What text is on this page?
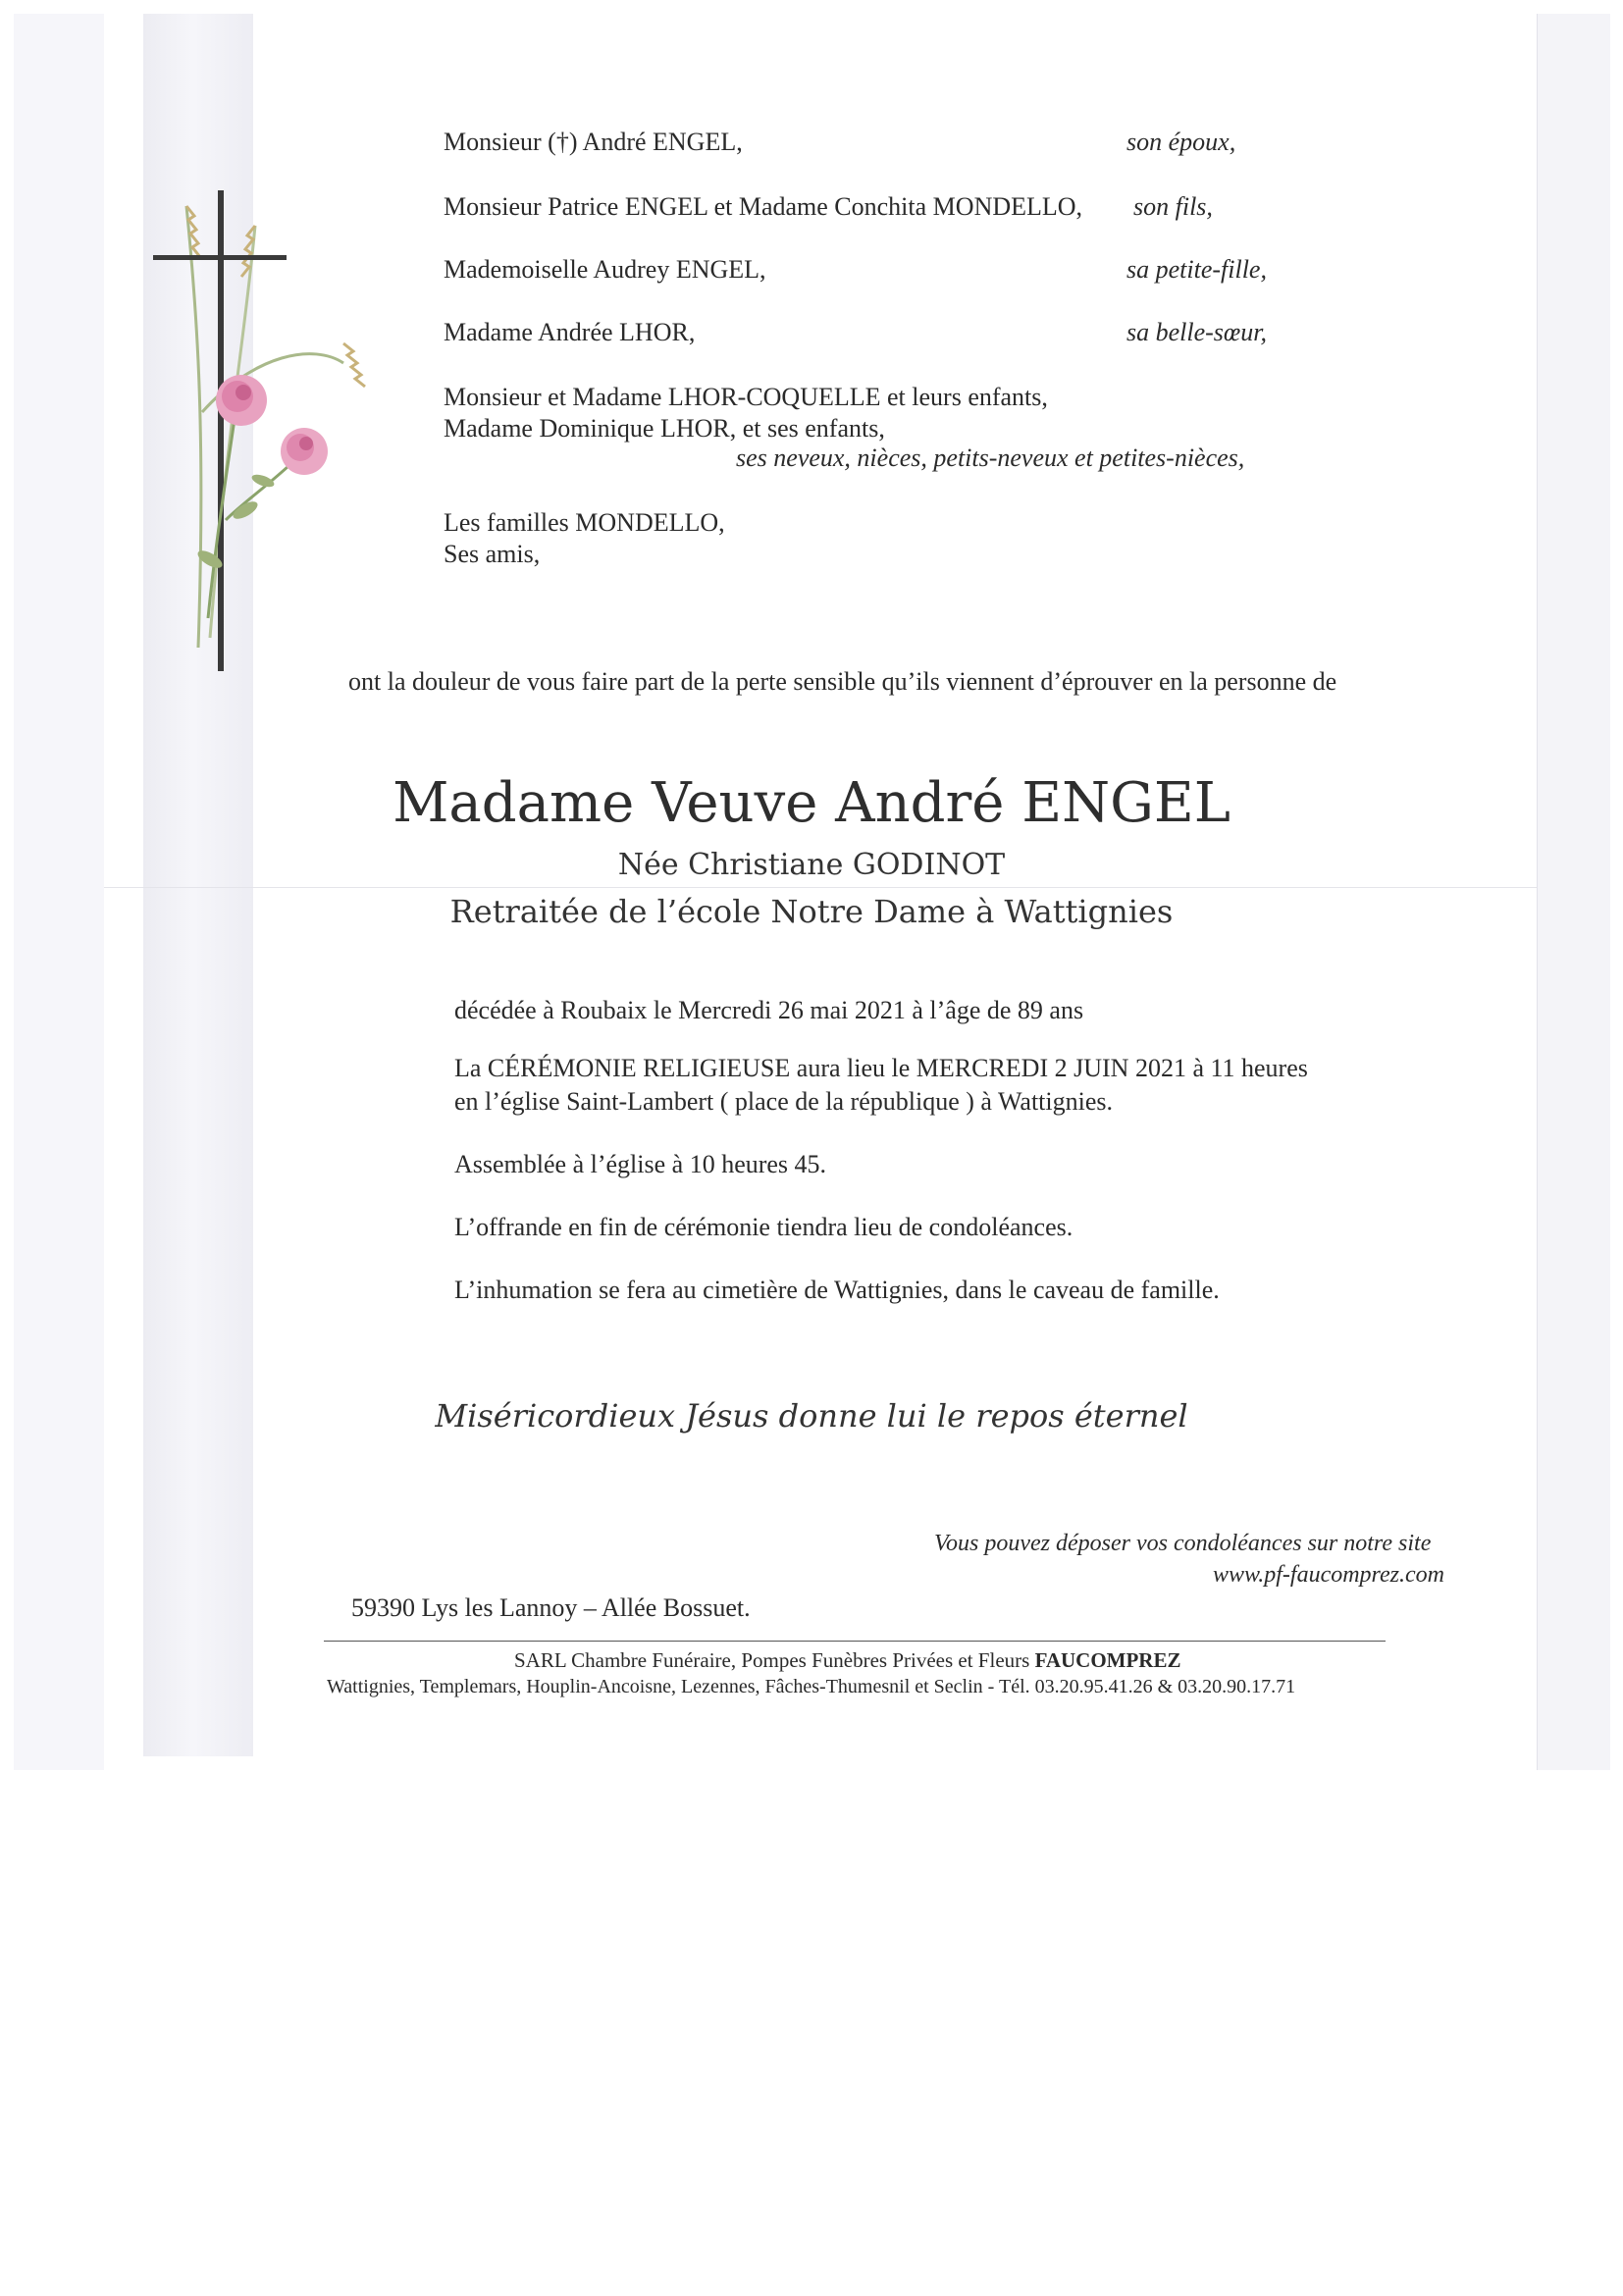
Monsieur (†) André ENGEL,	son époux,
Monsieur Patrice ENGEL et Madame Conchita MONDELLO, son fils,
Mademoiselle Audrey ENGEL,	sa petite-fille,
Madame Andrée LHOR,	sa belle-sœur,
Monsieur et Madame LHOR-COQUELLE et leurs enfants,
Madame Dominique LHOR, et ses enfants,
ses neveux, nièces, petits-neveux et petites-nièces,
Les familles MONDELLO,
Ses amis,
ont la douleur de vous faire part de la perte sensible qu’ils viennent d’éprouver en la personne de
Madame Veuve André ENGEL
Née Christiane GODINOT
Retraitée de l’école Notre Dame à Wattignies
décédée à Roubaix le Mercredi 26 mai 2021 à l’âge de 89 ans
La CÉRÉMONIE RELIGIEUSE aura lieu le MERCREDI 2 JUIN 2021 à 11 heures
en l’église Saint-Lambert ( place de la république ) à Wattignies.
Assemblée à l’église à 10 heures 45.
L’offrande en fin de cérémonie tiendra lieu de condoléances.
L’inhumation se fera au cimetière de Wattignies, dans le caveau de famille.
Miséricordieux Jésus donne lui le repos éternel
Vous pouvez déposer vos condoléances sur notre site
www.pf-faucomprez.com
59390 Lys les Lannoy – Allée Bossuet.
SARL Chambre Funéraire, Pompes Funèbres Privées et Fleurs FAUCOMPREZ
Wattignies, Templemars, Houplin-Ancoisne, Lezennes, Fâches-Thumesnil et Seclin - Tél. 03.20.95.41.26 & 03.20.90.17.71
